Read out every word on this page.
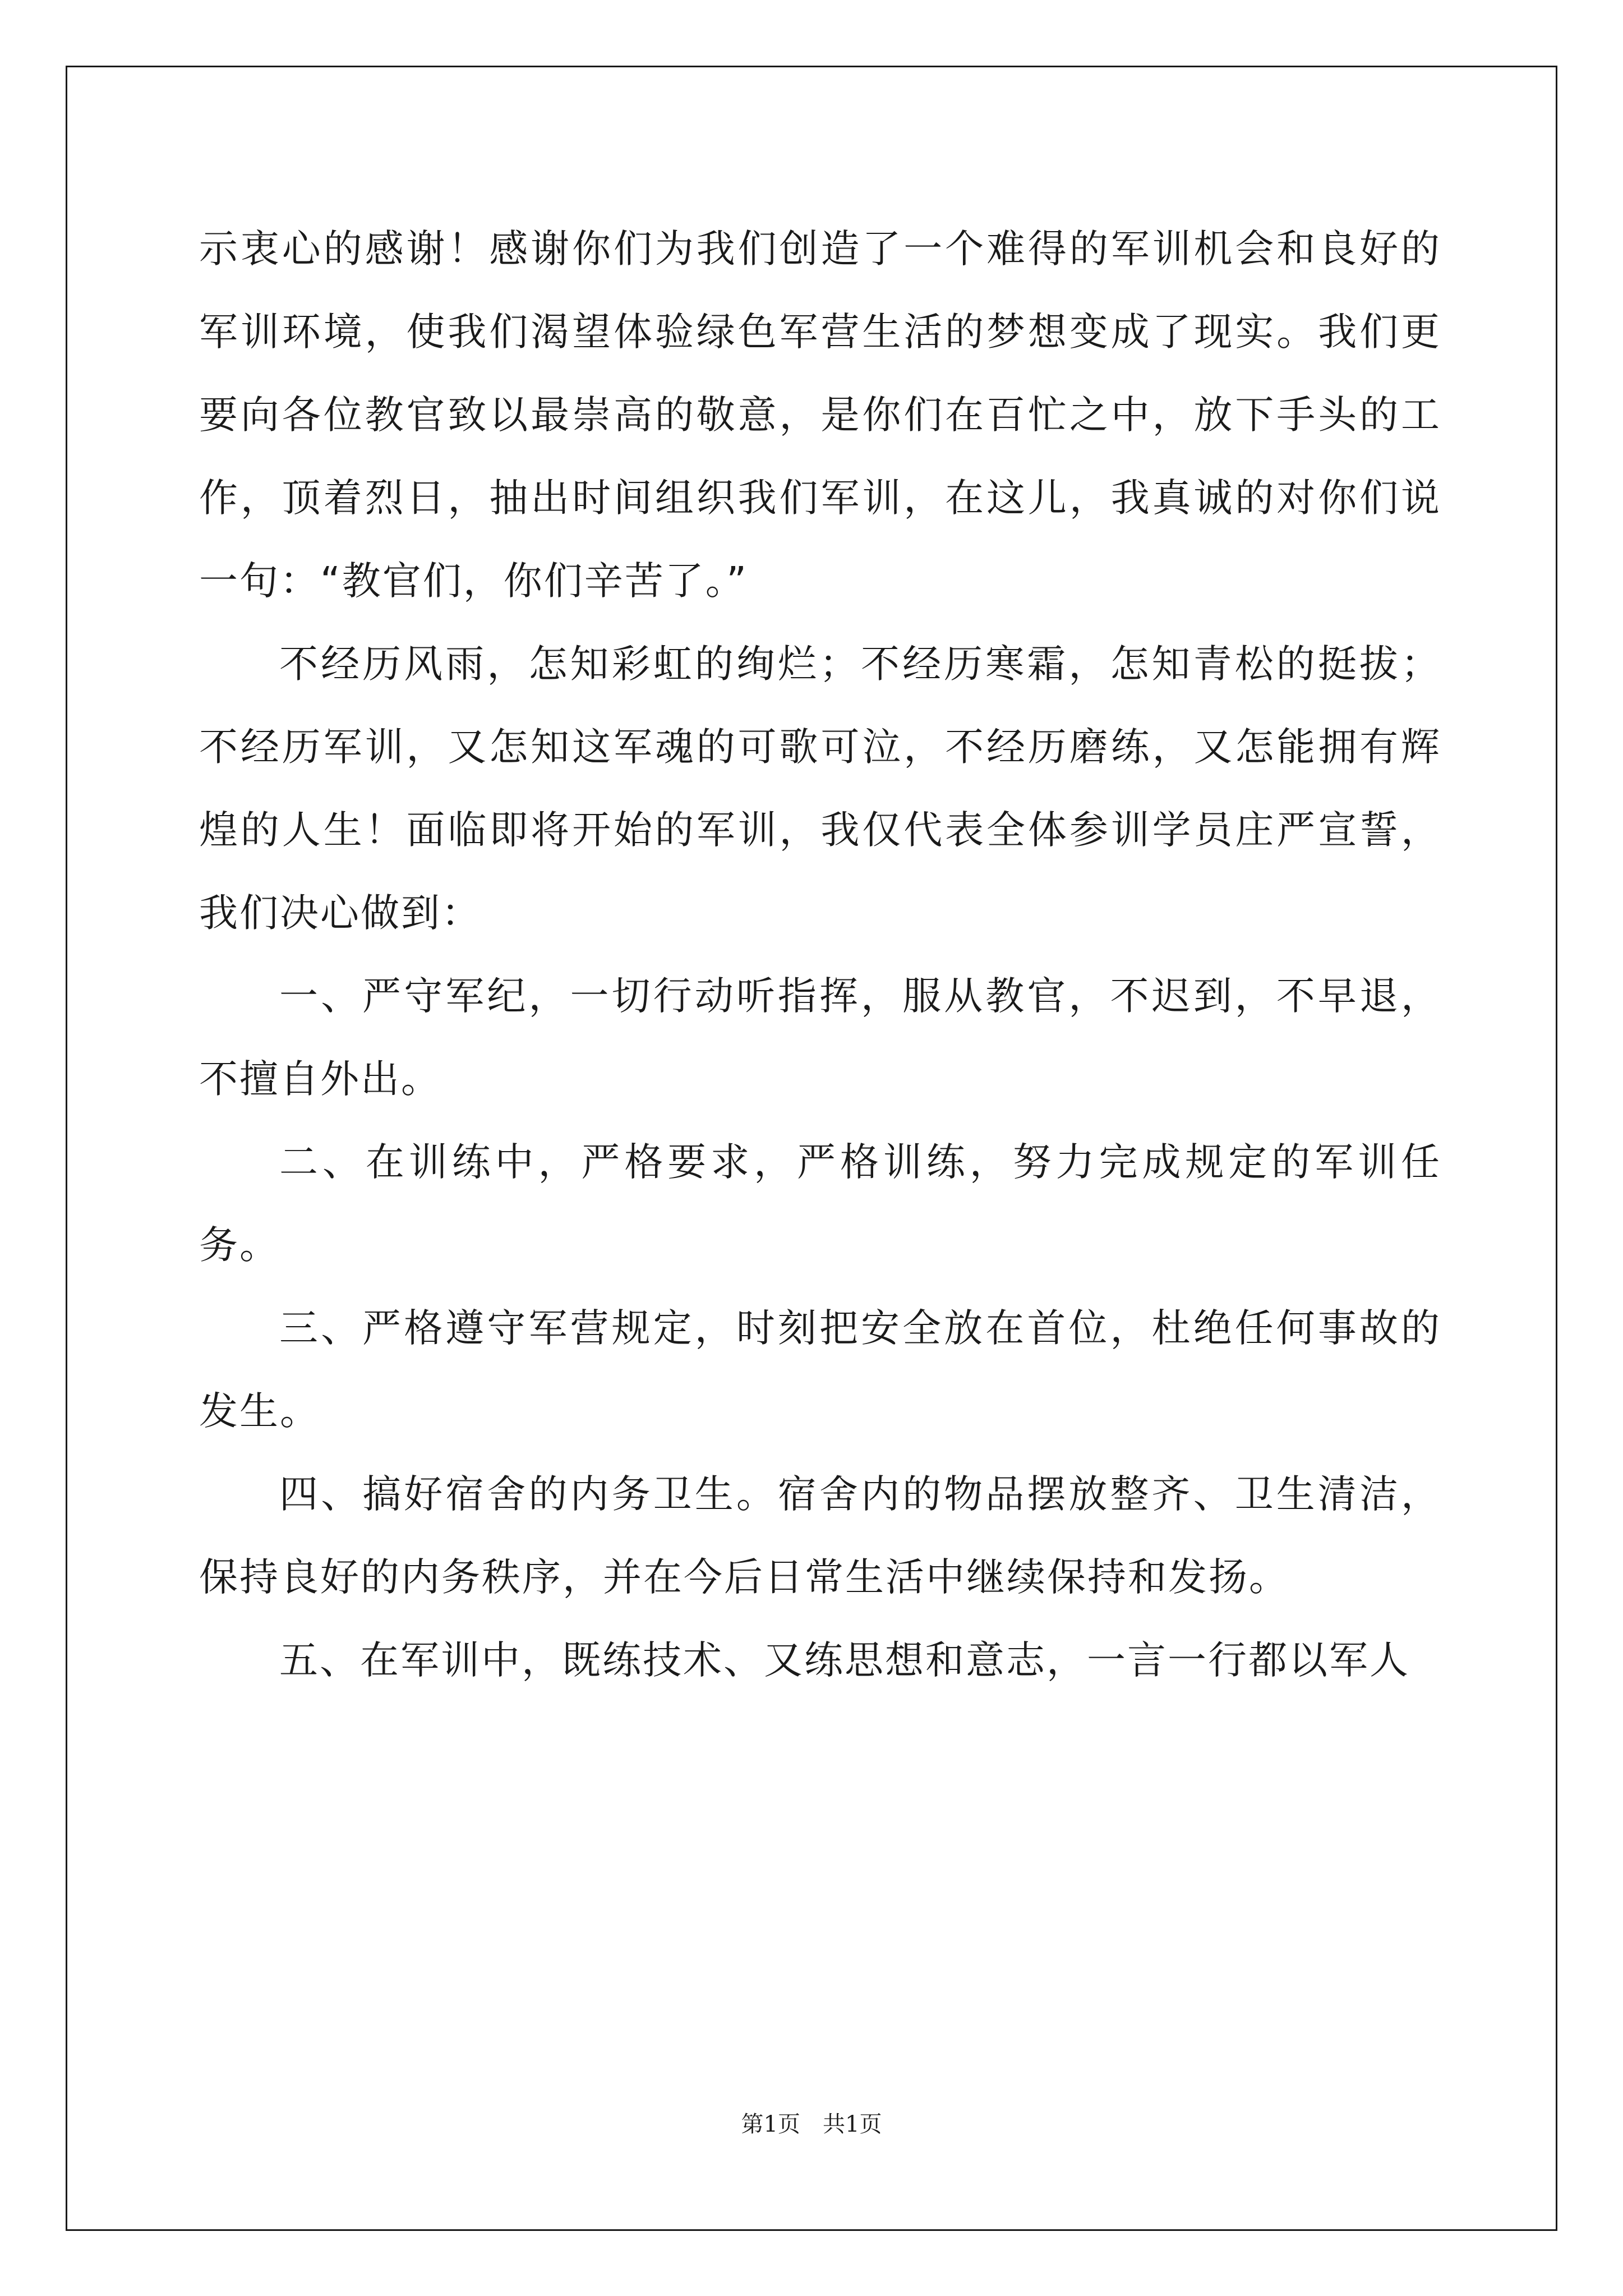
示衷心的感谢！感谢你们为我们创造了一个难得的军训机会和良好的军训环境，使我们渴望体验绿色军营生活的梦想变成了现实。我们更要向各位教官致以最崇高的敬意，是你们在百忙之中，放下手头的工作，顶着烈日，抽出时间组织我们军训，在这儿，我真诚的对你们说一句：“教官们，你们辛苦了。”

不经历风雨，怎知彩虹的绚烂；不经历寒霜，怎知青松的挺拔；不经历军训，又怎知这军魂的可歌可泣，不经历磨练，又怎能拥有辉煌的人生！面临即将开始的军训，我仅代表全体参训学员庄严宣誓，我们决心做到：

一、严守军纪，一切行动听指挥，服从教官，不迟到，不早退，不擅自外出。

二、在训练中，严格要求，严格训练，努力完成规定的军训任务。

三、严格遵守军营规定，时刻把安全放在首位，杜绝任何事故的发生。

四、搞好宿舍的内务卫生。宿舍内的物品摆放整齐、卫生清洁，保持良好的内务秩序，并在今后日常生活中继续保持和发扬。

五、在军训中，既练技术、又练思想和意志，一言一行都以军人

第1页　共1页
